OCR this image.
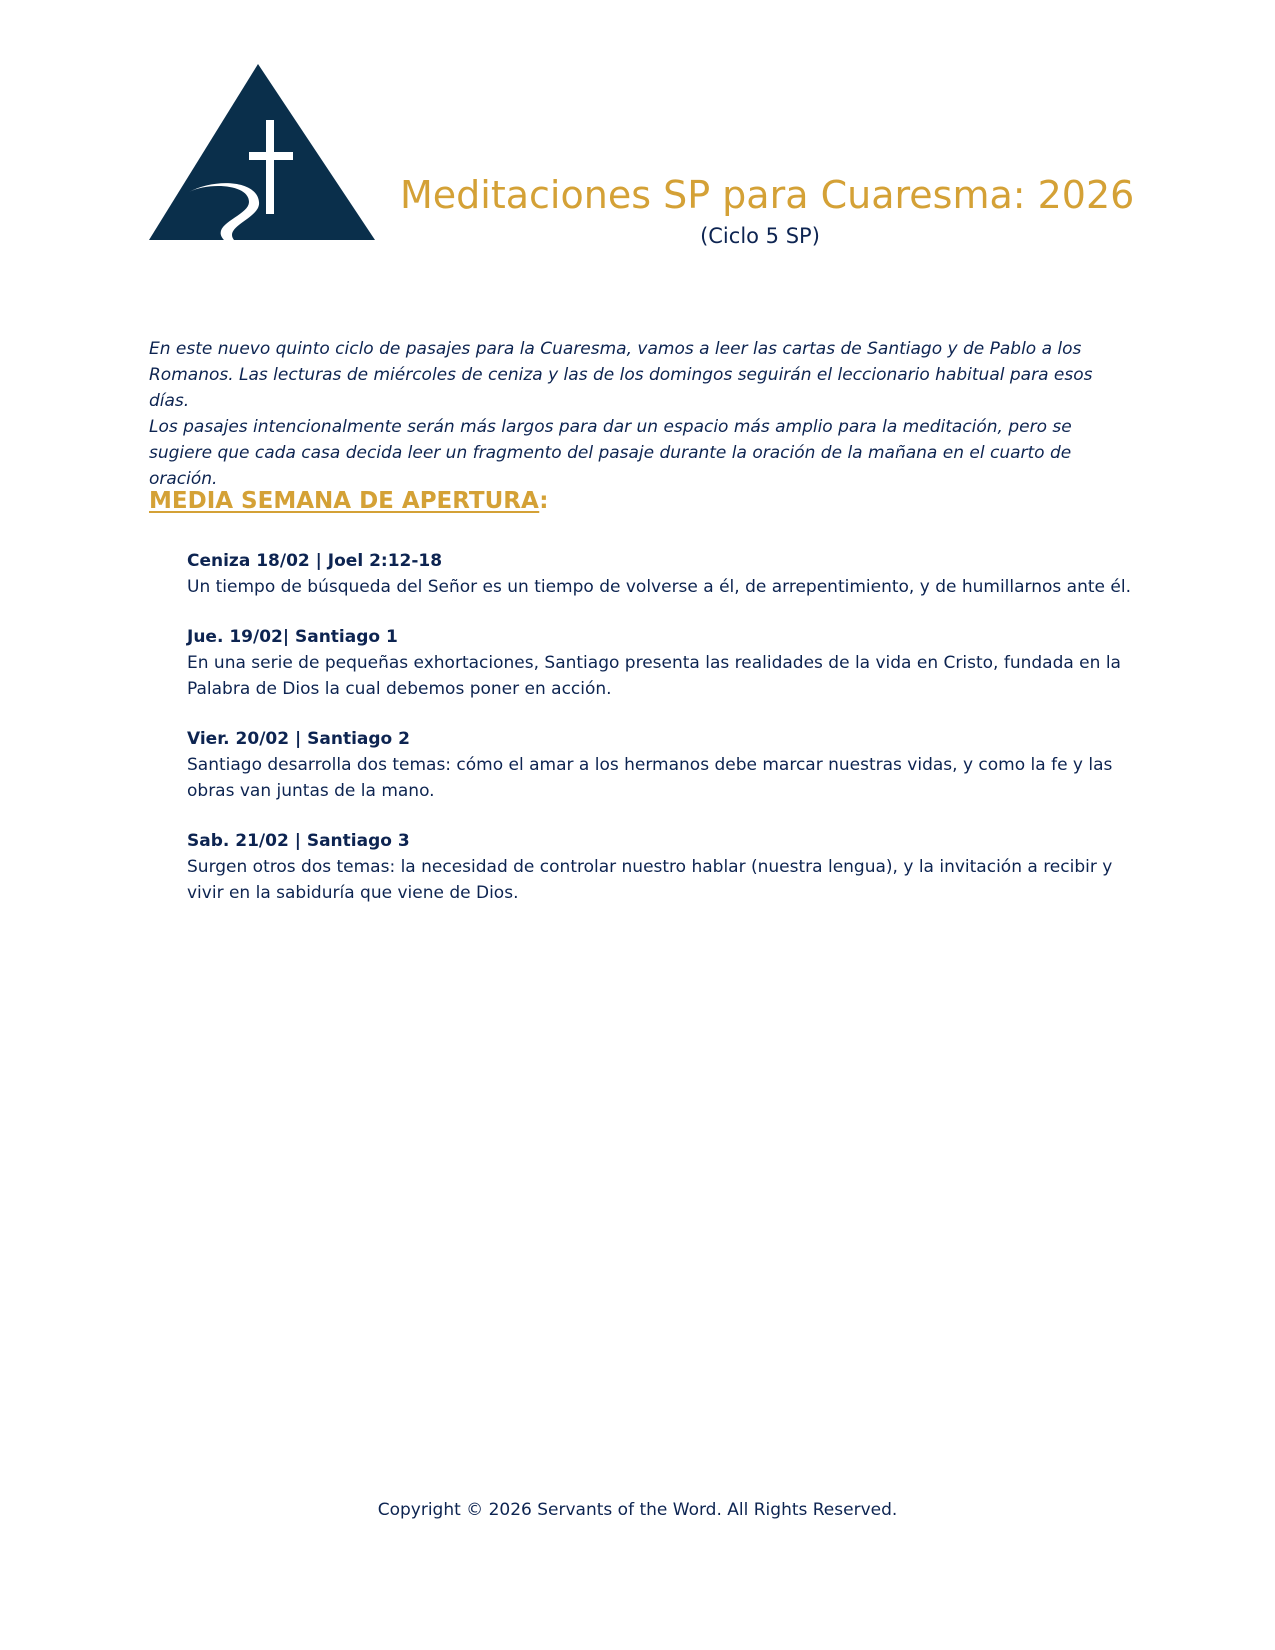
Meditaciones SP para Cuaresma: 2026
(Ciclo 5 SP)

En este nuevo quinto ciclo de pasajes para la Cuaresma, vamos a leer las cartas de Santiago y de Pablo a los Romanos. Las lecturas de miércoles de ceniza y las de los domingos seguirán el leccionario habitual para esos días.

Los pasajes intencionalmente serán más largos para dar un espacio más amplio para la meditación, pero se sugiere que cada casa decida leer un fragmento del pasaje durante la oración de la mañana en el cuarto de oración.

MEDIA SEMANA DE APERTURA:
Ceniza 18/02 | Joel 2:12-18
Un tiempo de búsqueda del Señor es un tiempo de volverse a él, de arrepentimiento, y de humillarnos ante él.
Jue. 19/02| Santiago 1
En una serie de pequeñas exhortaciones, Santiago presenta las realidades de la vida en Cristo, fundada en la Palabra de Dios la cual debemos poner en acción.
Vier. 20/02 | Santiago 2
Santiago desarrolla dos temas: cómo el amar a los hermanos debe marcar nuestras vidas, y como la fe y las obras van juntas de la mano.
Sab. 21/02 | Santiago 3
Surgen otros dos temas: la necesidad de controlar nuestro hablar (nuestra lengua), y la invitación a recibir y vivir en la sabiduría que viene de Dios.
Copyright © 2026 Servants of the Word. All Rights Reserved.
